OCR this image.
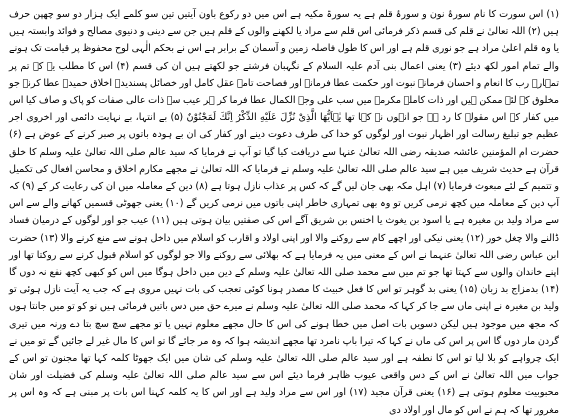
(۱) اس سورت کا نام سورۂ نون و سورۂ قلم ہے یہ سورۃ مکیہ ہے اس میں دو رکوع باون آیتیں تین سو کلمے ایک ہزار دو سو چھپن حرف ہیں (۲) اللہ تعالیٰ نے قلم کی قسم ذکر فرمائی اس قلم سے مراد یا لکھنے والوں کے قلم ہیں جن سے دینی و دنیوی مصالح و فوائد وابستہ ہیں یا وہ قلم اعلیٰ مراد ہے جو نوری قلم ہے اور اس کا طول فاصلہ زمین و آسمان کے برابر ہے اس نے بحکم الٰہی لوح محفوظ پر قیامت تک ہونے والے تمام امور لکھ دیئے (۳) یعنی اعمال بنی آدم علیہ السلام کے نگہبان فرشتے جو لکھتے ہیں ان کی قسم (۴) اس کا مطلب یہ کہ تم پر تمہارے رب کا انعام و احسان فرمانے نبوت اور حکمت عطا فرمانے اور فصاحت تامہ عقل کامل اور خصائل پسندیدہ اخلاق حمیدہ عطا کرنے جو مخلوق کے لئے ممکن ہیں اور ذات کاملہ مکرمہ میں سب علی وجہ الکمال عطا فرما کر ہر عیب سے ذات عالی صفات کو پاک و صاف کیا اس میں کفار کے اس مقولہ کا رد ہے جو انہوں نے کہا تھا یٰۤاَیُّهَا الَّذِیْ نُزِّلَ عَلَیْهِ الذِّكْرُ اِنَّكَ لَمَجْنُوْنٌ (۵) بے انتہا، بے نہایت دائمی اور اخروی اجر عظیم جو تبلیغ رسالت اور اظہار نبوت اور لوگوں کو خدا کی طرف دعوت دینے اور کفار کی ان بے ہودہ باتوں پر صبر کرنے کے عوض ہے (۶) حضرت ام المؤمنین عائشہ صدیقہ رضی اللہ تعالیٰ عنہا سے دریافت کیا گیا تو آپ نے فرمایا کہ سید عالم صلی اللہ تعالیٰ علیہ وسلم کا خلق قرآن ہے حدیث شریف میں ہے سید عالم صلی اللہ تعالیٰ علیہ وسلم نے فرمایا کہ اللہ تعالیٰ نے مجھے مکارم اخلاق و محاسن افعال کی تکمیل و تتمیم کے لئے مبعوث فرمایا (۷) اہل مکہ بھی جان لیں گے کہ کس پر عذاب نازل ہوتا ہے (۸) دین کے معاملہ میں ان کی رعایت کر کے (۹) کہ آپ دین کے معاملہ میں کچھ نرمی کریں تو وہ بھی تمہاری خاطر اپنی باتوں میں نرمی کریں گے (۱۰) یعنی جھوٹی قسمیں کھانے والے سے اس سے مراد ولید بن مغیرہ ہے یا اسود بن یغوث یا اخنس بن شریق آگے اس کی صفتیں بیان ہوتی ہیں (۱۱) عیب جو اور لوگوں کے درمیان فساد ڈالنے والا چغل خور (۱۲) یعنی نیکی اور اچھے کام سے روکنے والا اور اپنی اولاد و اقارب کو اسلام میں داخل ہونے سے منع کرنے والا (۱۳) حضرت ابن عباس رضی اللہ تعالیٰ عنہما نے اس کے معنی میں یہ فرمایا ہے کہ بھلائی سے روکنے والا جو لوگوں کو اسلام قبول کرنے سے روکتا تھا اور اپنے خاندان والوں سے کہتا تھا جو تم میں سے محمد صلی اللہ تعالیٰ علیہ وسلم کے دین میں داخل ہوگا میں اس کو کبھی کچھ نفع نہ دوں گا (۱۴) بدمزاج بد زبان (۱۵) یعنی بد گوہر تو اس کا فعل خبیث کا مصدر ہونا کوئی تعجب کی بات نہیں مروی ہے کہ جب یہ آیت نازل ہوئی تو ولید بن مغیرہ نے اپنی ماں سے جا کر کہا کہ محمد صلی اللہ تعالیٰ علیہ وسلم نے میرے حق میں دس باتیں فرمائی ہیں نو کو تو میں جانتا ہوں کہ مجھ میں موجود ہیں لیکن دسویں بات اصل میں خطا ہونے کی اس کا حال مجھے معلوم نہیں یا تو مجھے سچ سچ بتا دے ورنہ میں تیری گردن مار دوں گا اس پر اس کی ماں نے کہا کہ تیرا باپ نامرد تھا مجھے اندیشہ ہوا کہ وہ مر جائے گا تو اس کا مال غیر لے جائیں گے تو میں نے ایک چرواہے کو بلا لیا تو اس کا نطفہ ہے اور سید عالم صلی اللہ تعالیٰ علیہ وسلم کی شان میں ایک جھوٹا کلمہ کہا تھا مجنون تو اس کے جواب میں اللہ تعالیٰ نے اس کے دس واقعی عیوب ظاہر فرما دیئے اس سے سید عالم صلی اللہ تعالیٰ علیہ وسلم کی فضیلت اور شان محبوبیت معلوم ہوتی ہے (۱۶) یعنی قرآن مجید (۱۷) اور اس سے مراد ولید ہے اور اس کا یہ کلمہ کہنا اس بات پر مبنی ہے کہ وہ اس پر مغرور تھا کہ ہم نے اس کو مال اور اولاد دی
